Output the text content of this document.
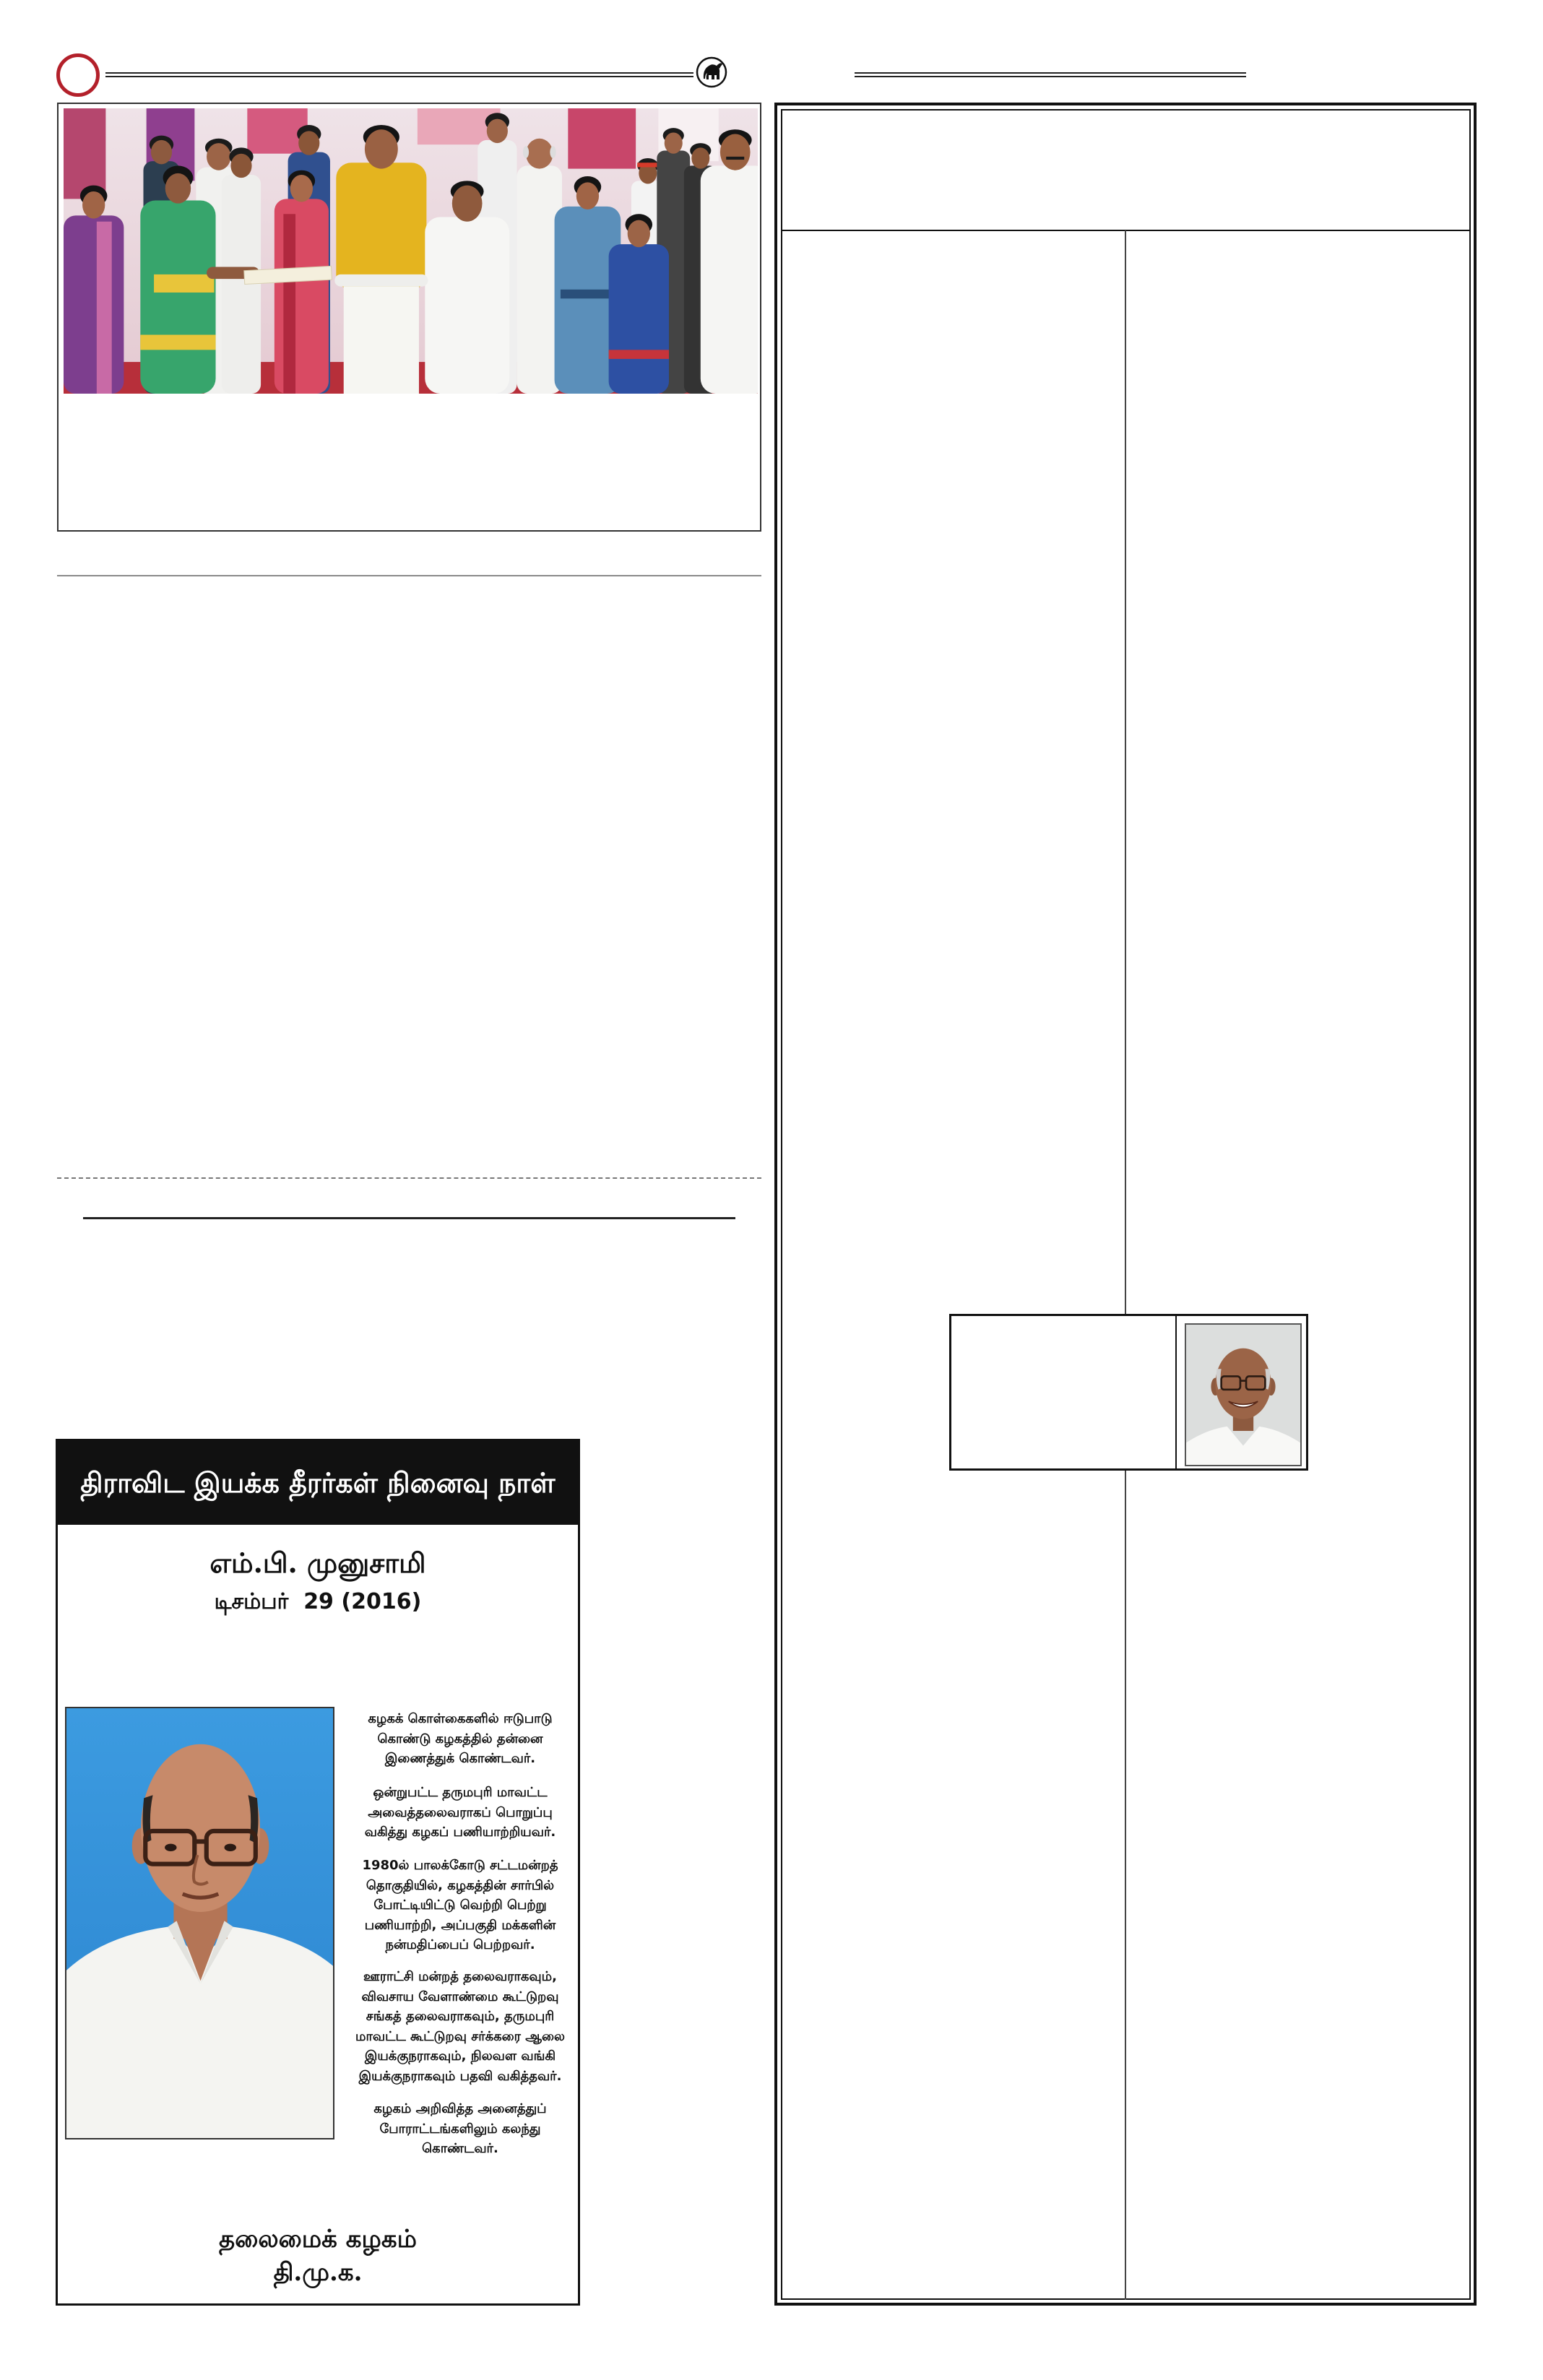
திராவிட இயக்க தீரர்கள் நினைவு நாள்
எம்.பி. முனுசாமி
டிசம்பர்  29 (2016)
கழகக் கொள்கைகளில் ஈடுபாடு
கொண்டு கழகத்தில் தன்னை
இணைத்துக் கொண்டவர்.
ஒன்றுபட்ட தருமபுரி மாவட்ட
அவைத்தலைவராகப் பொறுப்பு
வகித்து கழகப் பணியாற்றியவர்.
1980ல் பாலக்கோடு சட்டமன்றத்
தொகுதியில், கழகத்தின் சார்பில்
போட்டியிட்டு வெற்றி பெற்று
பணியாற்றி, அப்பகுதி மக்களின்
நன்மதிப்பைப் பெற்றவர்.
ஊராட்சி மன்றத் தலைவராகவும்,
விவசாய வேளாண்மை கூட்டுறவு
சங்கத் தலைவராகவும், தருமபுரி
மாவட்ட கூட்டுறவு சர்க்கரை ஆலை
இயக்குநராகவும், நிலவள வங்கி
இயக்குநராகவும் பதவி வகித்தவர்.
கழகம் அறிவித்த அனைத்துப்
போராட்டங்களிலும் கலந்து
கொண்டவர்.
தலைமைக் கழகம்
தி.மு.க.
